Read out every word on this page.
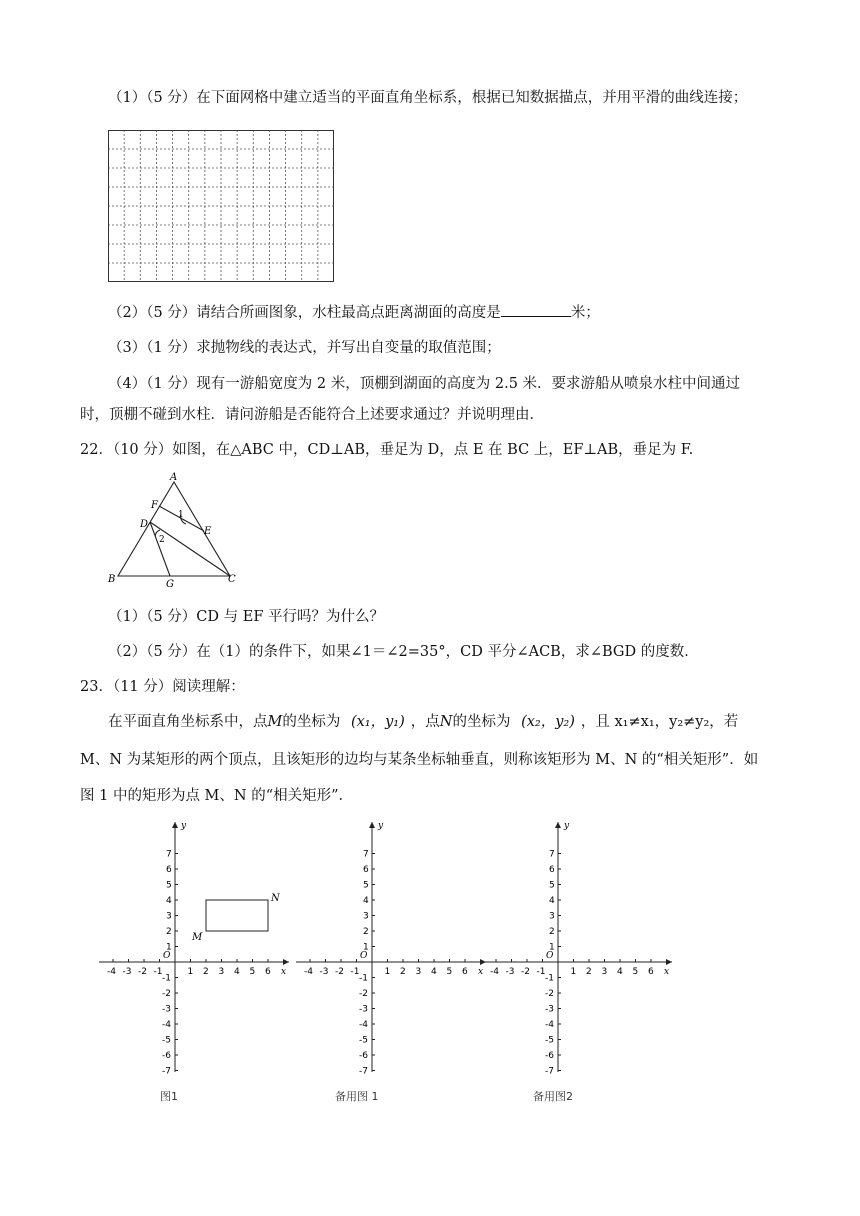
（1）（5 分）在下面网格中建立适当的平面直角坐标系，根据已知数据描点，并用平滑的曲线连接；
（2）（5 分）请结合所画图象，水柱最高点距离湖面的高度是	米；
（3）（1 分）求抛物线的表达式，并写出自变量的取值范围；
（4）（1 分）现有一游船宽度为 2 米，顶棚到湖面的高度为 2.5 米．要求游船从喷泉水柱中间通过
时，顶棚不碰到水柱．请问游船是否能符合上述要求通过？并说明理由．
22．（10 分）如图，在△ABC 中，CD⊥AB，垂足为 D，点 E 在 BC 上，EF⊥AB，垂足为 F.
A
F
D
E
B	G	C
1
2
（1）（5 分）CD 与 EF 平行吗？为什么？
（2）（5 分）在（1）的条件下，如果∠1＝∠2=35°，CD 平分∠ACB，求∠BGD 的度数．
23．（11 分）阅读理解：
在平面直角坐标系中，点M的坐标为 (x₁，y₁) ，点N的坐标为 (x₂，y₂) ，且 x₁≠x₁，y₂≠y₂，若
M、N 为某矩形的两个顶点，且该矩形的边均与某条坐标轴垂直，则称该矩形为 M、N 的“相关矩形”．如
图 1 中的矩形为点 M、N 的“相关矩形”．
-4 -3 -2 -1	1 2 3 4 5 6
1
2
3
4
5
6
7
-1
-2
-3
-4
-5
-6
-7
x
y
O
M
N
图1
-4 -3 -2 -1	1 2 3 4 5 6
1
2
3
4
5
6
7
-1
-2
-3
-4
-5
-6
-7
x
y
O
备用图 1
-4 -3 -2 -1	1 2 3 4 5 6
1
2
3
4
5
6
7
-1
-2
-3
-4
-5
-6
-7
x
y
O
备用图2
